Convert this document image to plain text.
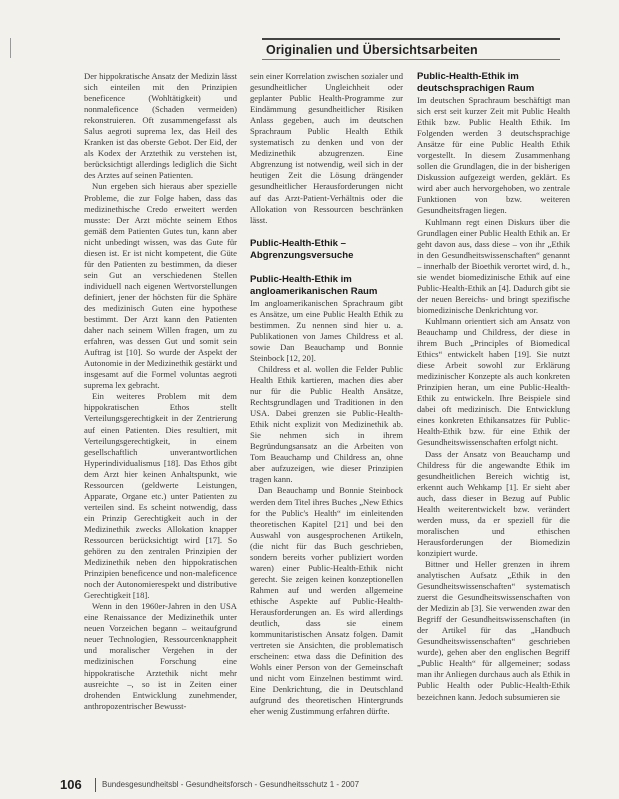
Originalien und Übersichtsarbeiten

Der hippokratische Ansatz der Medizin lässt sich einteilen mit den Prinzipien beneficence (Wohltätigkeit) und nonmaleficence (Schaden vermeiden) rekonstruieren. Oft zusammengefasst als Salus aegroti suprema lex, das Heil des Kranken ist das oberste Gebot. Der Eid, der als Kodex der Arztethik zu verstehen ist, berücksichtigt allerdings lediglich die Sicht des Arztes auf seinen Patienten.

Nun ergeben sich hieraus aber spezielle Probleme, die zur Folge haben, dass das medizinethische Credo erweitert werden musste: Der Arzt möchte seinem Ethos gemäß dem Patienten Gutes tun, kann aber nicht unbedingt wissen, was das Gute für diesen ist. Er ist nicht kompetent, die Güte für den Patienten zu bestimmen, da dieser sein Gut an verschiedenen Stellen individuell nach eigenen Wertvorstellungen definiert, jener der höchsten für die Sphäre des medizinisch Guten eine hypothese bestimmt. Der Arzt kann den Patienten daher nach seinem Willen fragen, um zu erfahren, was dessen Gut und somit sein Auftrag ist [10]. So wurde der Aspekt der Autonomie in der Medizinethik gestärkt und insgesamt auf die Formel voluntas aegroti suprema lex gebracht.

Ein weiteres Problem mit dem hippokratischen Ethos stellt Verteilungsgerechtigkeit in der Zentrierung auf einen Patienten. Dies resultiert, mit Verteilungsgerechtigkeit, in einem gesellschaftlich unverantwortlichen Hyperindividualismus [18]. Das Ethos gibt dem Arzt hier keinen Anhaltspunkt, wie Ressourcen (geldwerte Leistungen, Apparate, Organe etc.) unter Patienten zu verteilen sind. Es scheint notwendig, dass ein Prinzip Gerechtigkeit auch in der Medizinethik zwecks Allokation knapper Ressourcen berücksichtigt wird [17]. So gehören zu den zentralen Prinzipien der Medizinethik neben den hippokratischen Prinzipien beneficence und non-maleficence noch der Autonomierespekt und distributive Gerechtigkeit [18].

Wenn in den 1960er-Jahren in den USA eine Renaissance der Medizinethik unter neuen Vorzeichen begann – weitaufgrund neuer Technologien, Ressourcenknappheit und moralischer Vergehen in der medizinischen Forschung eine hippokratische Arztethik nicht mehr ausreichte –, so ist in Zeiten einer drohenden Entwicklung zunehmender, anthropozentrischer Bewusst-

sein einer Korrelation zwischen sozialer und gesundheitlicher Ungleichheit oder geplanter Public Health-Programme zur Eindämmung gesundheitlicher Risiken Anlass gegeben, auch im deutschen Sprachraum Public Health Ethik systematisch zu denken und von der Medizinethik abzugrenzen. Eine Abgrenzung ist notwendig, weil sich in der heutigen Zeit die Lösung drängender gesundheitlicher Herausforderungen nicht auf das Arzt-Patient-Verhältnis oder die Allokation von Ressourcen beschränken lässt.

Public-Health-Ethik – Abgrenzungsversuche
Public-Health-Ethik im angloamerikanischen Raum

Im angloamerikanischen Sprachraum gibt es Ansätze, um eine Public Health Ethik zu bestimmen. Zu nennen sind hier u. a. Publikationen von James Childress et al. sowie Dan Beauchamp und Bonnie Steinbock [12, 20].

Childress et al. wollen die Felder Public Health Ethik kartieren, machen dies aber nur für die Public Health Ansätze, Rechtsgrundlagen und Traditionen in den USA. Dabei grenzen sie Public-Health-Ethik nicht explizit von Medizinethik ab. Sie nehmen sich in ihrem Begründungsansatz an die Arbeiten von Tom Beauchamp und Childress an, ohne aber aufzuzeigen, wie dieser Prinzipien tragen kann.

Dan Beauchamp und Bonnie Steinbock werden dem Titel ihres Buches „New Ethics for the Public's Health“ im einleitenden theoretischen Kapitel [21] und bei den Auswahl von ausgesprochenen Artikeln, (die nicht für das Buch geschrieben, sondern bereits vorher publiziert worden waren) einer Public-Health-Ethik nicht gerecht. Sie zeigen keinen konzeptionellen Rahmen auf und werden allgemeine ethische Aspekte auf Public-Health-Herausforderungen an. Es wird allerdings deutlich, dass sie einem kommunitaristischen Ansatz folgen. Damit vertreten sie Ansichten, die problematisch erscheinen: etwa dass die Definition des Wohls einer Person von der Gemeinschaft und nicht vom Einzelnen bestimmt wird. Eine Denkrichtung, die in Deutschland aufgrund des theoretischen Hintergrunds eher wenig Zustimmung erfahren dürfte.

Public-Health-Ethik im deutschsprachigen Raum

Im deutschen Sprachraum beschäftigt man sich erst seit kurzer Zeit mit Public Health Ethik bzw. Public Health Ethik. Im Folgenden werden 3 deutschsprachige Ansätze für eine Public Health Ethik vorgestellt. In diesem Zusammenhang sollen die Grundlagen, die in der bisherigen Diskussion aufgezeigt werden, geklärt. Es wird aber auch hervorgehoben, wo zentrale Funktionen von bzw. weiteren Gesundheitsfragen liegen.

Kuhlmann regt einen Diskurs über die Grundlagen einer Public Health Ethik an. Er geht davon aus, dass diese – von ihr „Ethik in den Gesundheitswissenschaften“ genannt – innerhalb der Bioethik verortet wird, d. h., sie wendet biomedizinische Ethik auf eine Public-Health-Ethik an [4]. Dadurch gibt sie der neuen Bereichs- und bringt spezifische biomedizinische Denkrichtung vor.

Kuhlmann orientiert sich am Ansatz von Beauchamp und Childress, der diese in ihrem Buch „Principles of Biomedical Ethics“ entwickelt haben [19]. Sie nutzt diese Arbeit sowohl zur Erklärung medizinischer Konzepte als auch konkreten Prinzipien heran, um eine Public-Health-Ethik zu entwickeln. Ihre Beispiele sind dabei oft medizinisch. Die Entwicklung eines konkreten Ethikansatzes für Public-Health-Ethik bzw. für eine Ethik der Gesundheitswissenschaften erfolgt nicht.

Dass der Ansatz von Beauchamp und Childress für die angewandte Ethik im gesundheitlichen Bereich wichtig ist, erkennt auch Wehkamp [1]. Er sieht aber auch, dass dieser in Bezug auf Public Health weiterentwickelt bzw. verändert werden muss, da er speziell für die moralischen und ethischen Herausforderungen der Biomedizin konzipiert wurde.

Bittner und Heller grenzen in ihrem analytischen Aufsatz „Ethik in den Gesundheitswissenschaften“ systematisch zuerst die Gesundheitswissenschaften von der Medizin ab [3]. Sie verwenden zwar den Begriff der Gesundheitswissenschaften (in der Artikel für das „Handbuch Gesundheitswissenschaften“ geschrieben wurde), gehen aber den englischen Begriff „Public Health“ für allgemeiner; sodass man ihr Anliegen durchaus auch als Ethik in Public Health oder Public-Health-Ethik bezeichnen kann. Jedoch subsumieren sie

106	Bundesgesundheitsbl - Gesundheitsforsch - Gesundheitsschutz 1 - 2007
